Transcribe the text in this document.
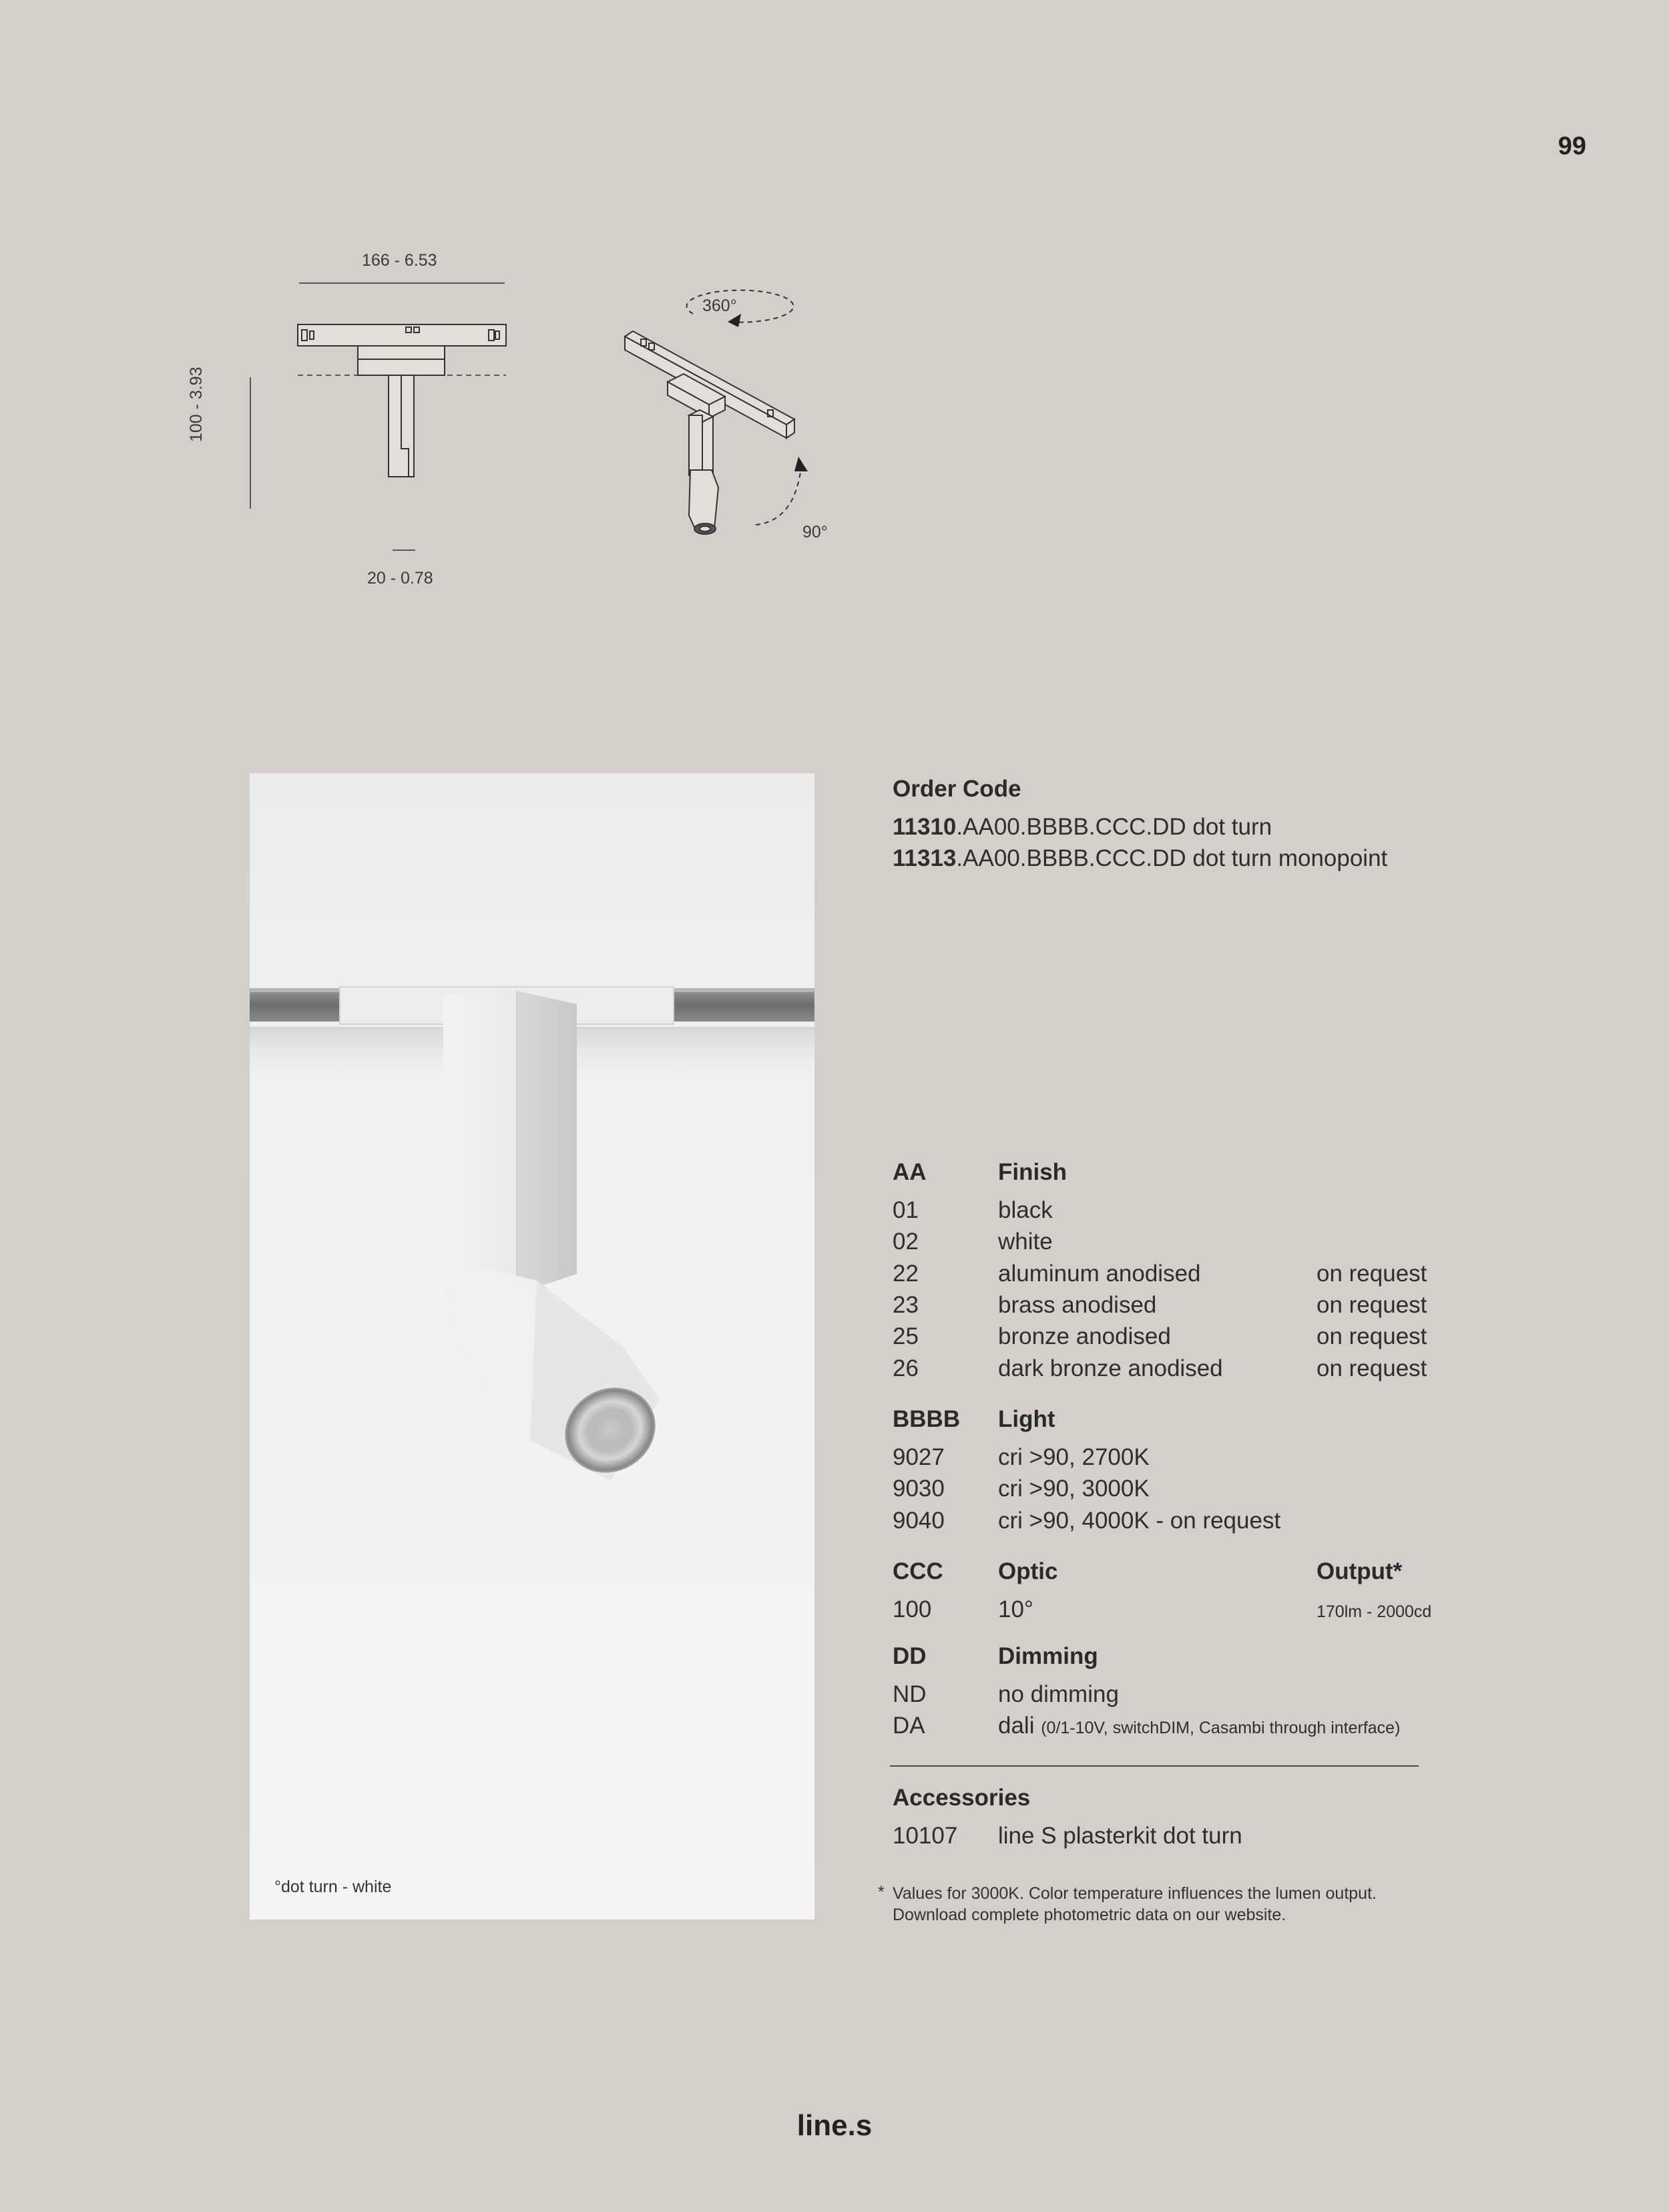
99
166 - 6.53
100 - 3.93
20 - 0.78
360°
90°
°dot turn - white
Order Code
11310.AA00.BBBB.CCC.DD dot turn
11313.AA00.BBBB.CCC.DD dot turn monopoint
AA	Finish
01	black
02	white
22	aluminum anodised	on request
23	brass anodised	on request
25	bronze anodised	on request
26	dark bronze anodised	on request
BBBB Light
9027 cri >90, 2700K
9030 cri >90, 3000K
9040 cri >90, 4000K - on request
CCC Optic	Output*
100	10°	170lm - 2000cd
DD	Dimming
ND	no dimming
DA	dali (0/1-10V, switchDIM, Casambi through interface)
Accessories
10107 line S plasterkit dot turn
* Values for 3000K. Color temperature influences the lumen output.
Download complete photometric data on our website.
line.s
